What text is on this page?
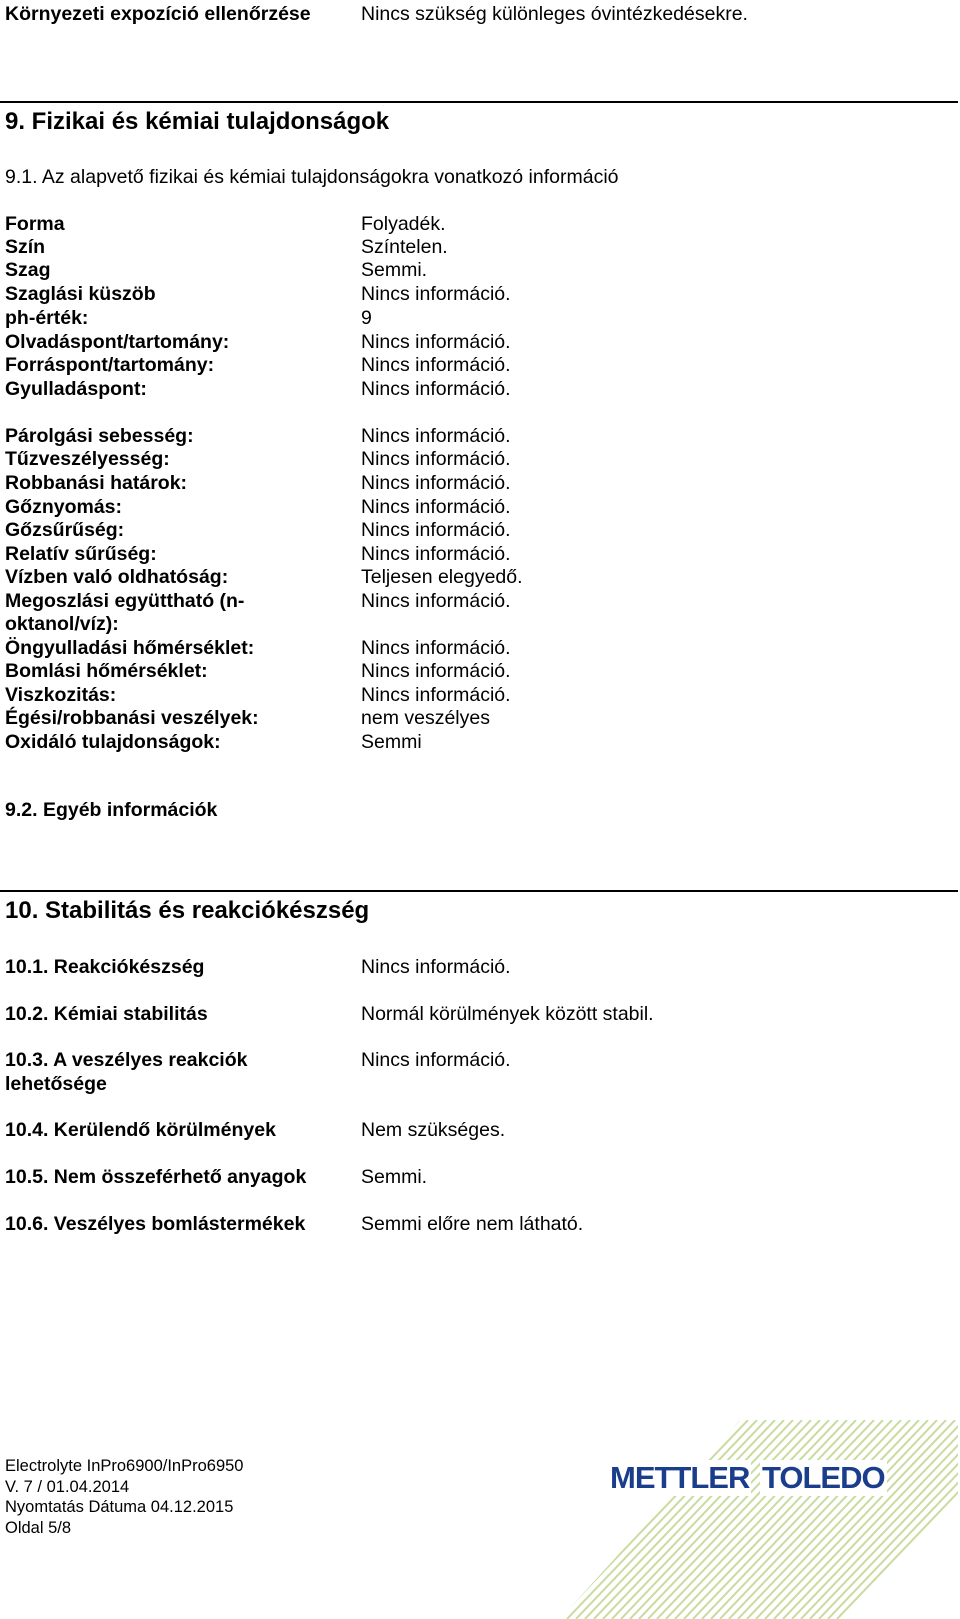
Környezeti expozíció ellenőrzése	Nincs szükség különleges óvintézkedésekre.
9. Fizikai és kémiai tulajdonságok
9.1. Az alapvető fizikai és kémiai tulajdonságokra vonatkozó információ
Forma	Folyadék.
Szín	Színtelen.
Szag	Semmi.
Szaglási küszöb	Nincs információ.
ph-érték:	9
Olvadáspont/tartomány:	Nincs információ.
Forráspont/tartomány:	Nincs információ.
Gyulladáspont:	Nincs információ.
Párolgási sebesség:	Nincs információ.
Tűzveszélyesség:	Nincs információ.
Robbanási határok:	Nincs információ.
Gőznyomás:	Nincs információ.
Gőzsűrűség:	Nincs információ.
Relatív sűrűség:	Nincs információ.
Vízben való oldhatóság:	Teljesen elegyedő.
Megoszlási együttható (n-	Nincs információ.
oktanol/víz):
Öngyulladási hőmérséklet:	Nincs információ.
Bomlási hőmérséklet:	Nincs információ.
Viszkozitás:	Nincs információ.
Égési/robbanási veszélyek:	nem veszélyes
Oxidáló tulajdonságok:	Semmi
9.2. Egyéb információk
10. Stabilitás és reakciókészség
10.1. Reakciókészség	Nincs információ.
10.2. Kémiai stabilitás	Normál körülmények között stabil.
10.3. A veszélyes reakciók	Nincs információ.
lehetősége
10.4. Kerülendő körülmények	Nem szükséges.
10.5. Nem összeférhető anyagok	Semmi.
10.6. Veszélyes bomlástermékek	Semmi előre nem látható.
Electrolyte InPro6900/InPro6950
V. 7 / 01.04.2014
Nyomtatás Dátuma 04.12.2015
Oldal 5/8
METTLER TOLEDO
